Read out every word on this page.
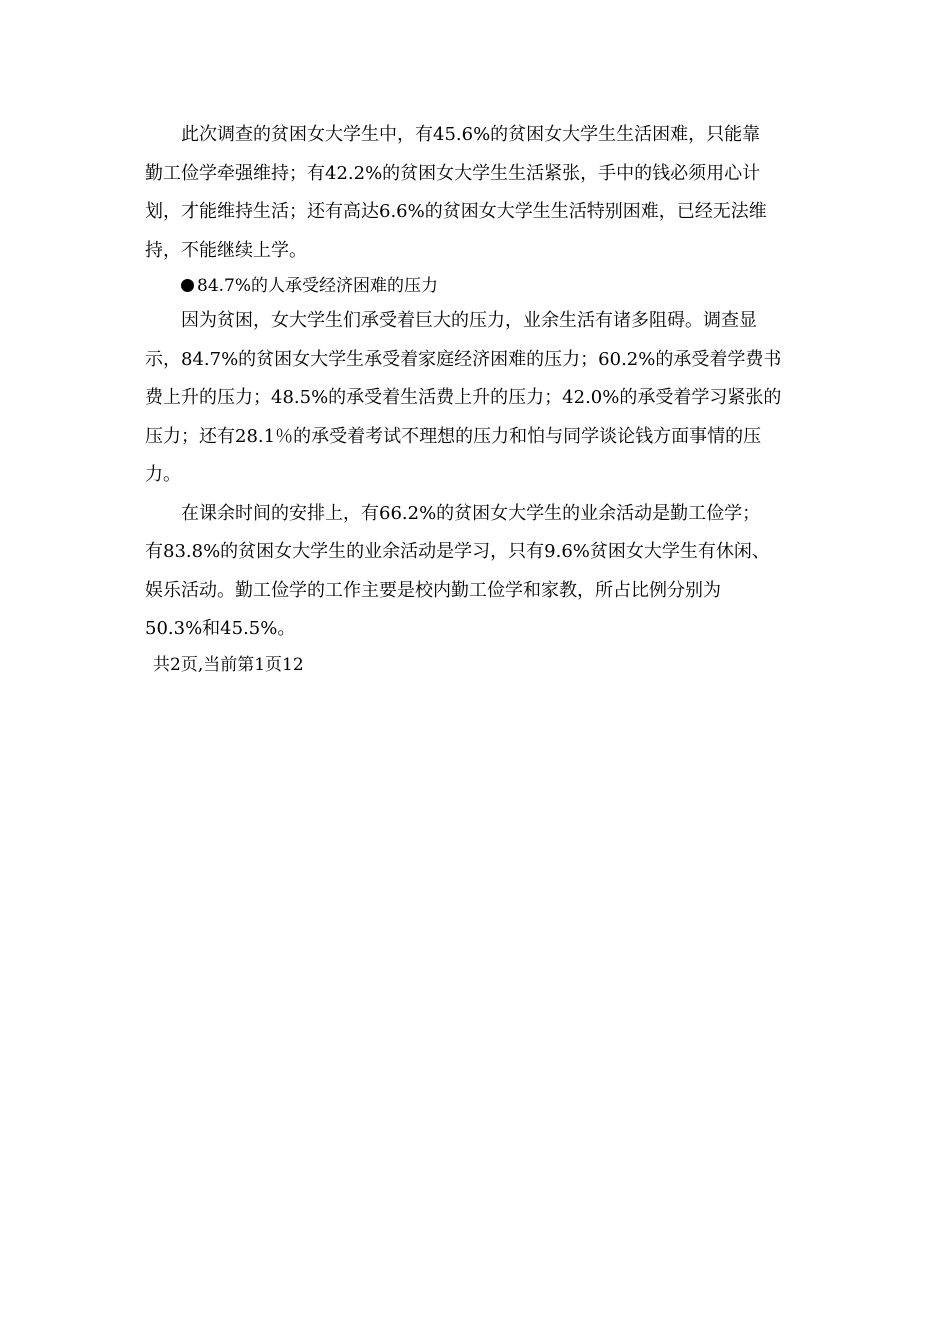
此次调查的贫困女大学生中，有45.6%的贫困女大学生生活困难，只能靠
勤工俭学牵强维持；有42.2%的贫困女大学生生活紧张，手中的钱必须用心计
划，才能维持生活；还有高达6.6%的贫困女大学生生活特别困难，已经无法维
持，不能继续上学。
84.7%的人承受经济困难的压力
因为贫困，女大学生们承受着巨大的压力，业余生活有诸多阻碍。调查显
示，84.7%的贫困女大学生承受着家庭经济困难的压力；60.2%的承受着学费书
费上升的压力；48.5%的承受着生活费上升的压力；42.0%的承受着学习紧张的
压力；还有28.1％的承受着考试不理想的压力和怕与同学谈论钱方面事情的压
力。
在课余时间的安排上，有66.2%的贫困女大学生的业余活动是勤工俭学；
有83.8%的贫困女大学生的业余活动是学习，只有9.6%贫困女大学生有休闲、
娱乐活动。勤工俭学的工作主要是校内勤工俭学和家教，所占比例分别为
50.3%和45.5%。
共2页,当前第1页12
